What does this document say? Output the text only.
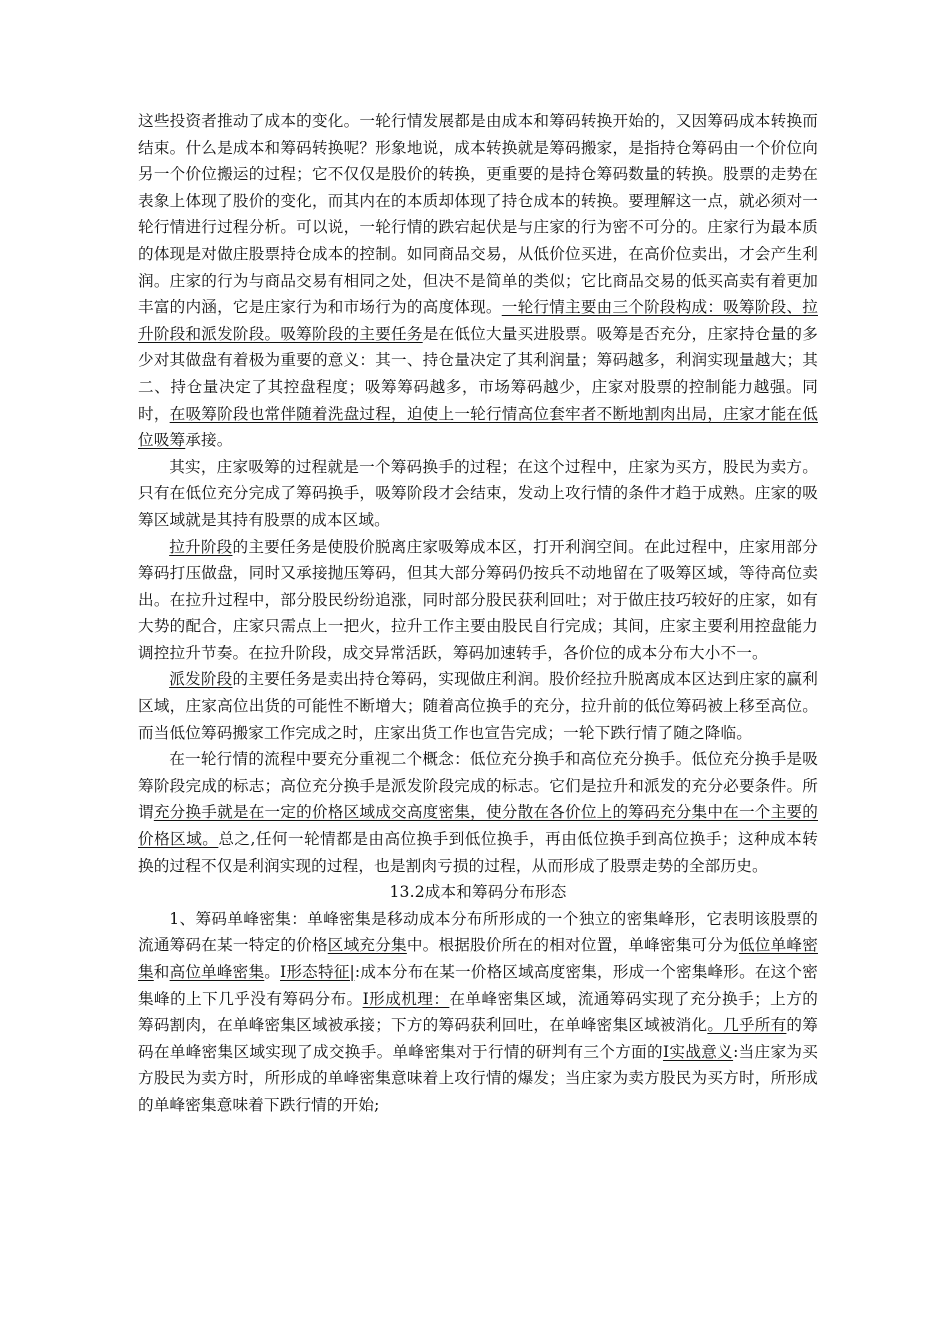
这些投资者推动了成本的变化。一轮行情发展都是由成本和筹码转换开始的，又因筹码成本转换而结束。什么是成本和筹码转换呢？形象地说，成本转换就是筹码搬家，是指持仓筹码由一个价位向另一个价位搬运的过程；它不仅仅是股价的转换，更重要的是持仓筹码数量的转换。股票的走势在表象上体现了股价的变化，而其内在的本质却体现了持仓成本的转换。要理解这一点，就必须对一轮行情进行过程分析。可以说，一轮行情的跌宕起伏是与庄家的行为密不可分的。庄家行为最本质的体现是对做庄股票持仓成本的控制。如同商品交易，从低价位买进，在高价位卖出，才会产生利润。庄家的行为与商品交易有相同之处，但决不是简单的类似；它比商品交易的低买高卖有着更加丰富的内涵，它是庄家行为和市场行为的高度体现。一轮行情主要由三个阶段构成：吸筹阶段、拉升阶段和派发阶段。吸筹阶段的主要任务是在低位大量买进股票。吸筹是否充分，庄家持仓量的多少对其做盘有着极为重要的意义：其一、持仓量决定了其利润量；筹码越多，利润实现量越大；其二、持仓量决定了其控盘程度；吸筹筹码越多，市场筹码越少，庄家对股票的控制能力越强。同时，在吸筹阶段也常伴随着洗盘过程，迫使上一轮行情高位套牢者不断地割肉出局，庄家才能在低位吸筹承接。

其实，庄家吸筹的过程就是一个筹码换手的过程；在这个过程中，庄家为买方，股民为卖方。只有在低位充分完成了筹码换手，吸筹阶段才会结束，发动上攻行情的条件才趋于成熟。庄家的吸筹区域就是其持有股票的成本区域。

拉升阶段的主要任务是使股价脱离庄家吸筹成本区，打开利润空间。在此过程中，庄家用部分筹码打压做盘，同时又承接抛压筹码，但其大部分筹码仍按兵不动地留在了吸筹区域，等待高位卖出。在拉升过程中，部分股民纷纷追涨，同时部分股民获利回吐；对于做庄技巧较好的庄家，如有大势的配合，庄家只需点上一把火，拉升工作主要由股民自行完成；其间，庄家主要利用控盘能力调控拉升节奏。在拉升阶段，成交异常活跃，筹码加速转手，各价位的成本分布大小不一。

派发阶段的主要任务是卖出持仓筹码，实现做庄利润。股价经拉升脱离成本区达到庄家的赢利区域，庄家高位出货的可能性不断增大；随着高位换手的充分，拉升前的低位筹码被上移至高位。而当低位筹码搬家工作完成之时，庄家出货工作也宣告完成；一轮下跌行情了随之降临。

在一轮行情的流程中要充分重视二个概念：低位充分换手和高位充分换手。低位充分换手是吸筹阶段完成的标志；高位充分换手是派发阶段完成的标志。它们是拉升和派发的充分必要条件。所谓充分换手就是在一定的价格区域成交高度密集，使分散在各价位上的筹码充分集中在一个主要的价格区域。总之,任何一轮情都是由高位换手到低位换手，再由低位换手到高位换手；这种成本转换的过程不仅是利润实现的过程，也是割肉亏损的过程，从而形成了股票走势的全部历史。

13.2成本和筹码分布形态

1、筹码单峰密集：单峰密集是移动成本分布所形成的一个独立的密集峰形，它表明该股票的流通筹码在某一特定的价格区域充分集中。根据股价所在的相对位置，单峰密集可分为低位单峰密集和高位单峰密集。I形态特征|:成本分布在某一价格区域高度密集，形成一个密集峰形。在这个密集峰的上下几乎没有筹码分布。I形成机理：在单峰密集区域，流通筹码实现了充分换手；上方的筹码割肉，在单峰密集区域被承接；下方的筹码获利回吐，在单峰密集区域被消化。几乎所有的筹码在单峰密集区域实现了成交换手。单峰密集对于行情的研判有三个方面的I实战意义:当庄家为买方股民为卖方时，所形成的单峰密集意味着上攻行情的爆发；当庄家为卖方股民为买方时，所形成的单峰密集意味着下跌行情的开始;
